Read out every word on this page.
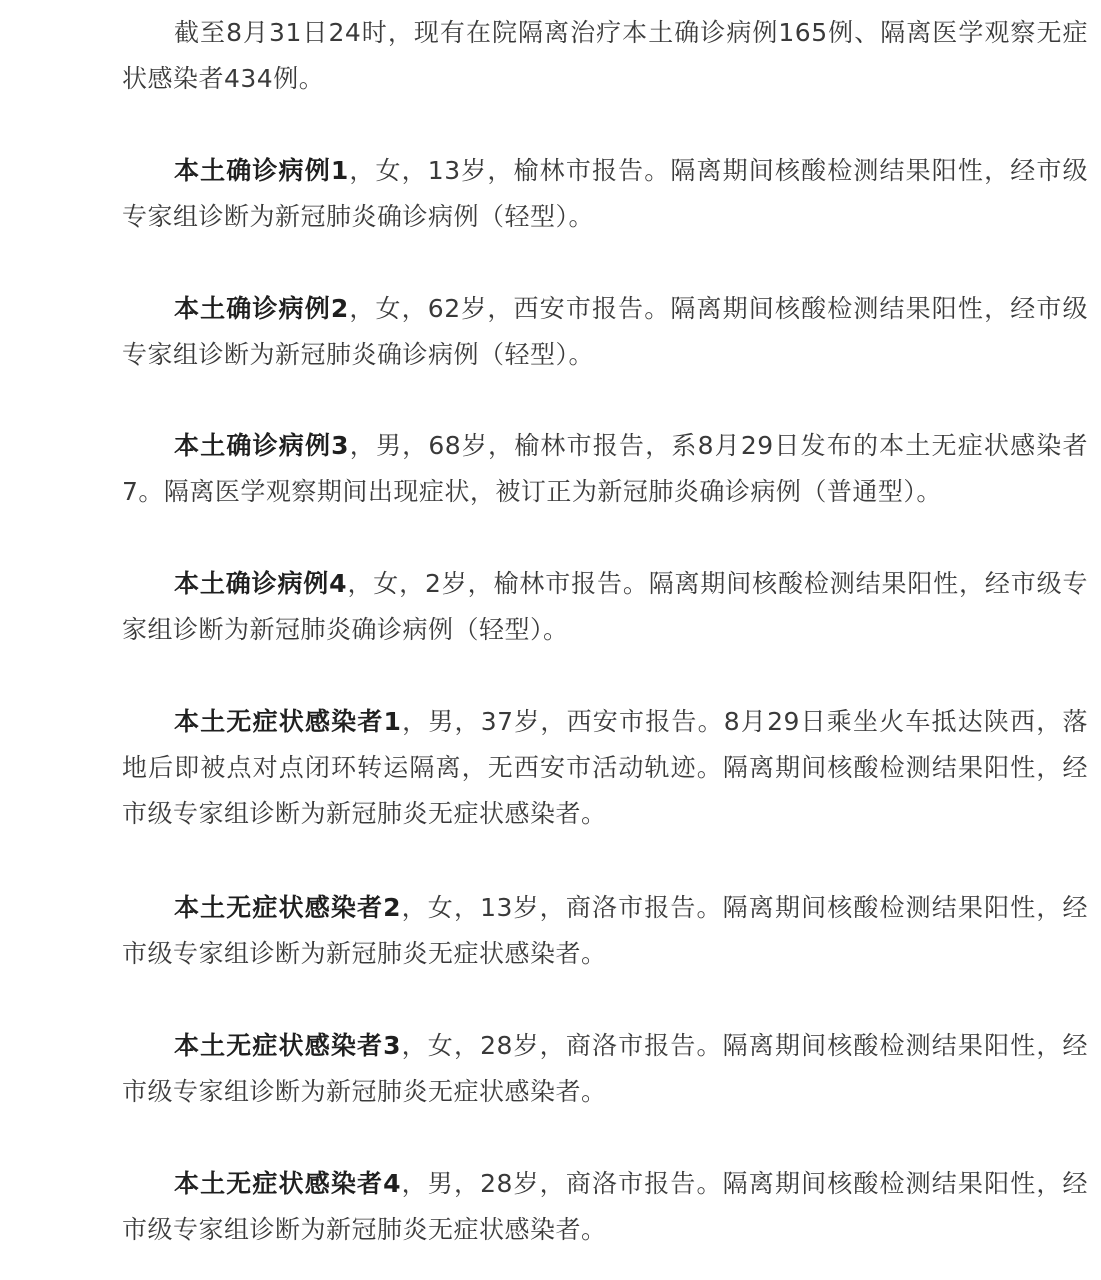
截至8月31日24时，现有在院隔离治疗本土确诊病例165例、隔离医学观察无症状感染者434例。

本土确诊病例1，女，13岁，榆林市报告。隔离期间核酸检测结果阳性，经市级专家组诊断为新冠肺炎确诊病例（轻型）。

本土确诊病例2，女，62岁，西安市报告。隔离期间核酸检测结果阳性，经市级专家组诊断为新冠肺炎确诊病例（轻型）。

本土确诊病例3，男，68岁，榆林市报告，系8月29日发布的本土无症状感染者7。隔离医学观察期间出现症状，被订正为新冠肺炎确诊病例（普通型）。

本土确诊病例4，女，2岁，榆林市报告。隔离期间核酸检测结果阳性，经市级专家组诊断为新冠肺炎确诊病例（轻型）。

本土无症状感染者1，男，37岁，西安市报告。8月29日乘坐火车抵达陕西，落地后即被点对点闭环转运隔离，无西安市活动轨迹。隔离期间核酸检测结果阳性，经市级专家组诊断为新冠肺炎无症状感染者。

本土无症状感染者2，女，13岁，商洛市报告。隔离期间核酸检测结果阳性，经市级专家组诊断为新冠肺炎无症状感染者。

本土无症状感染者3，女，28岁，商洛市报告。隔离期间核酸检测结果阳性，经市级专家组诊断为新冠肺炎无症状感染者。

本土无症状感染者4，男，28岁，商洛市报告。隔离期间核酸检测结果阳性，经市级专家组诊断为新冠肺炎无症状感染者。
